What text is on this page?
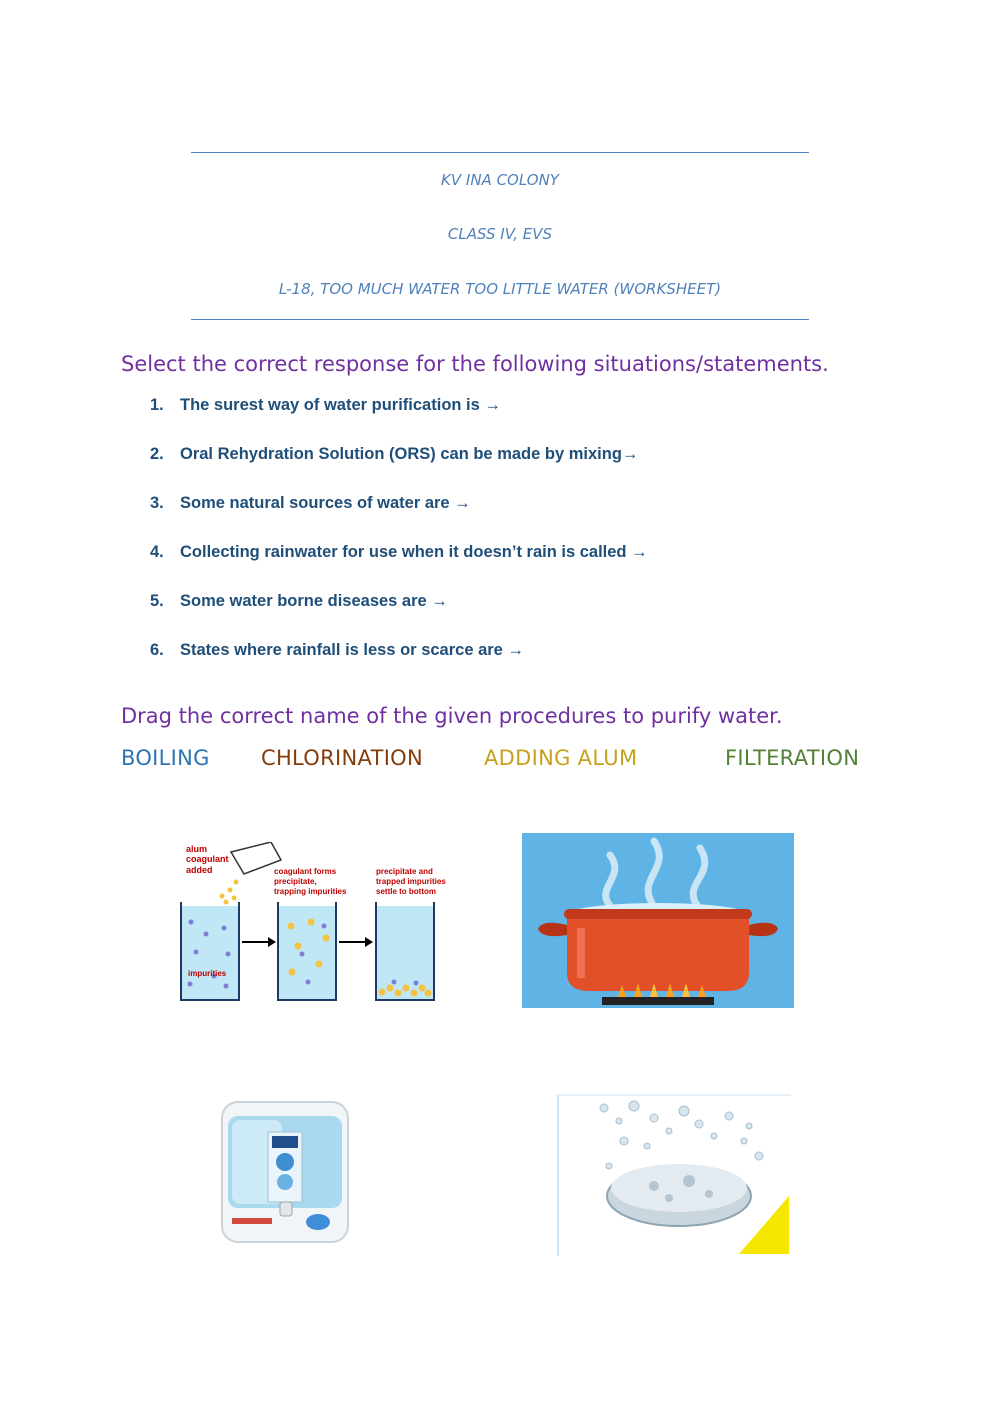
KV INA COLONY
CLASS IV, EVS
L-18, TOO MUCH WATER TOO LITTLE WATER (WORKSHEET)
Select the correct response for the following situations/statements.
1. The surest way of water purification is →
2. Oral Rehydration Solution (ORS) can be made by mixing→
3. Some natural sources of water are →
4. Collecting rainwater for use when it doesn’t rain is called →
5. Some water borne diseases are →
6. States where rainfall is less or scarce are →
Drag the correct name of the given procedures to purify water.
BOILING CHLORINATION	ADDING ALUM	FILTERATION
alum coagulant added	coagulant forms precipitate, trapping impurities
precipitate and trapped impurities settle to bottom
impurities
